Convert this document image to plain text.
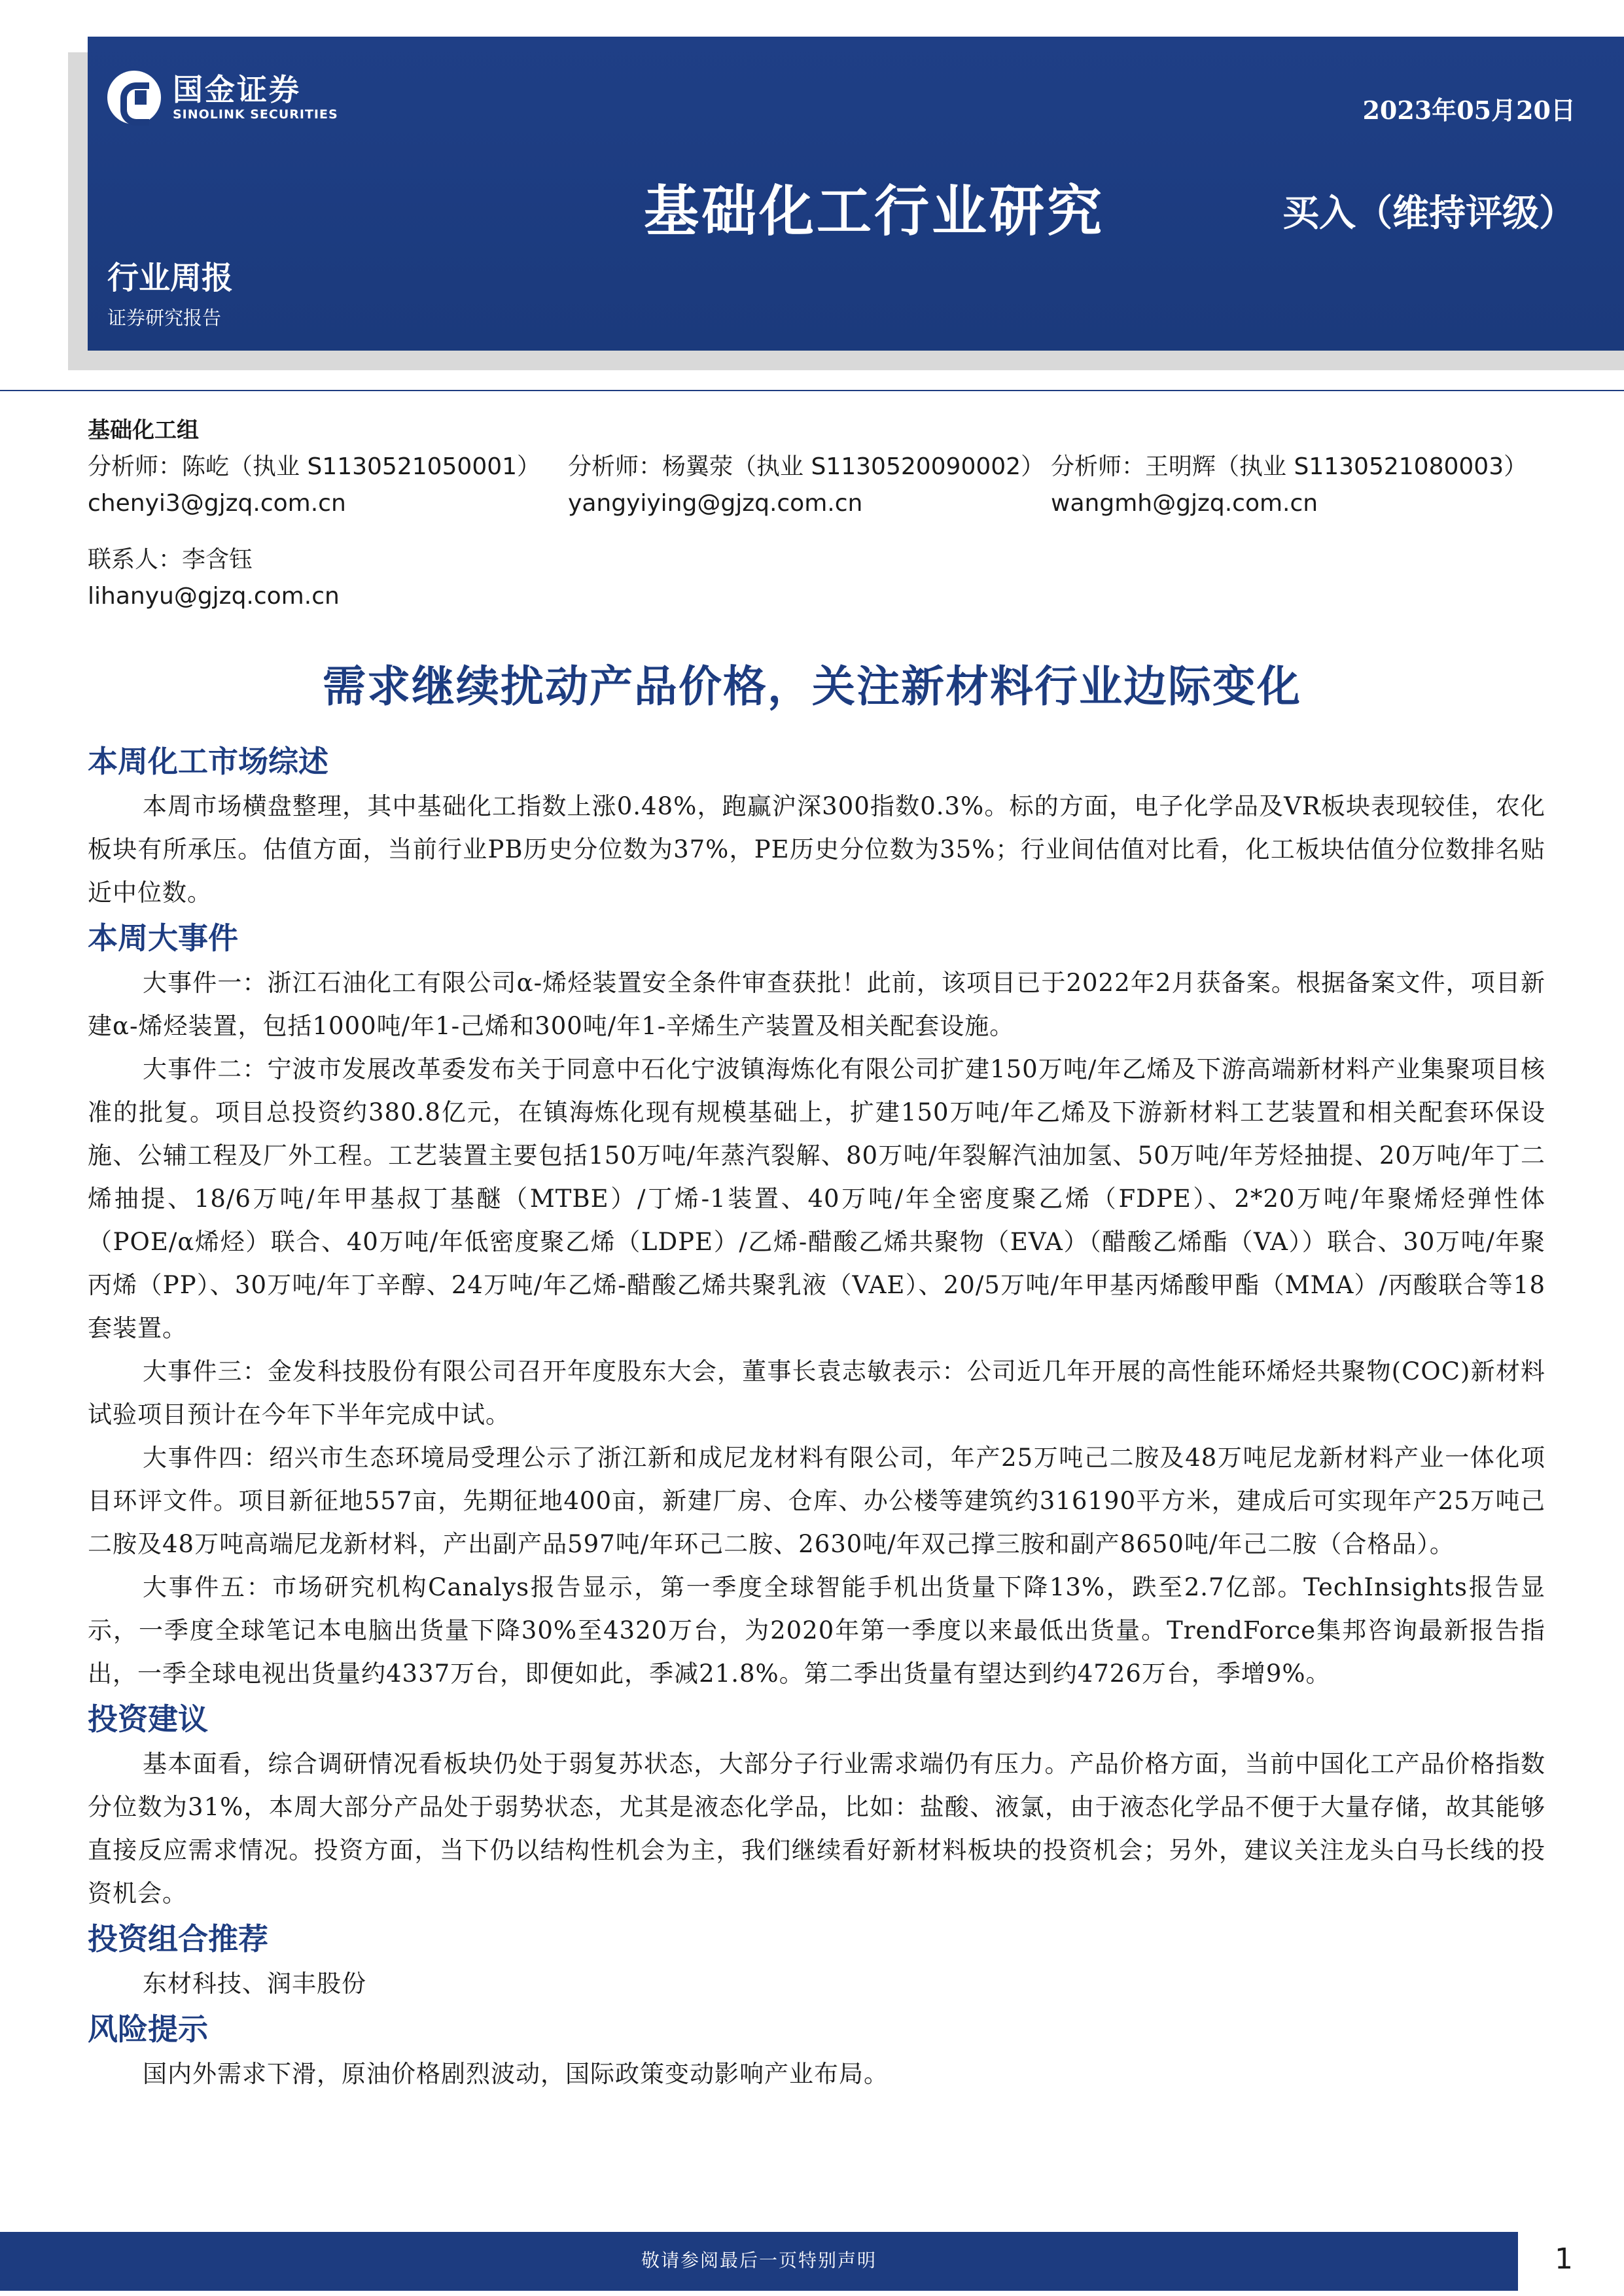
国金证券
SINOLINK SECURITIES	2023年05月20日
基础化工行业研究	买入（维持评级）
行业周报
证券研究报告
基础化工组
分析师：陈屹（执业 S1130521050001）	分析师：杨翼荥（执业 S1130520090002） 分析师：王明辉（执业 S1130521080003）
chenyi3@gjzq.com.cn	yangyiying@gjzq.com.cn	wangmh@gjzq.com.cn
联系人：李含钰
lihanyu@gjzq.com.cn
需求继续扰动产品价格，关注新材料行业边际变化
本周化工市场综述

本周市场横盘整理，其中基础化工指数上涨0.48%，跑赢沪深300指数0.3%。标的方面，电子化学品及VR板块表现较佳，农化板块有所承压。估值方面，当前行业PB历史分位数为37%，PE历史分位数为35%；行业间估值对比看，化工板块估值分位数排名贴近中位数。

本周大事件

大事件一：浙江石油化工有限公司α-烯烃装置安全条件审查获批！此前，该项目已于2022年2月获备案。根据备案文件，项目新建α-烯烃装置，包括1000吨/年1-己烯和300吨/年1-辛烯生产装置及相关配套设施。

大事件二：宁波市发展改革委发布关于同意中石化宁波镇海炼化有限公司扩建150万吨/年乙烯及下游高端新材料产业集聚项目核准的批复。项目总投资约380.8亿元，在镇海炼化现有规模基础上，扩建150万吨/年乙烯及下游新材料工艺装置和相关配套环保设施、公辅工程及厂外工程。工艺装置主要包括150万吨/年蒸汽裂解、80万吨/年裂解汽油加氢、50万吨/年芳烃抽提、20万吨/年丁二烯抽提、18/6万吨/年甲基叔丁基醚（MTBE）/丁烯-1装置、40万吨/年全密度聚乙烯（FDPE）、2*20万吨/年聚烯烃弹性体（POE/α烯烃）联合、40万吨/年低密度聚乙烯（LDPE）/乙烯-醋酸乙烯共聚物（EVA）（醋酸乙烯酯（VA））联合、30万吨/年聚丙烯（PP）、30万吨/年丁辛醇、24万吨/年乙烯-醋酸乙烯共聚乳液（VAE）、20/5万吨/年甲基丙烯酸甲酯（MMA）/丙酸联合等18套装置。

大事件三：金发科技股份有限公司召开年度股东大会，董事长袁志敏表示：公司近几年开展的高性能环烯烃共聚物(COC)新材料试验项目预计在今年下半年完成中试。

大事件四：绍兴市生态环境局受理公示了浙江新和成尼龙材料有限公司，年产25万吨己二胺及48万吨尼龙新材料产业一体化项目环评文件。项目新征地557亩，先期征地400亩，新建厂房、仓库、办公楼等建筑约316190平方米，建成后可实现年产25万吨己二胺及48万吨高端尼龙新材料，产出副产品597吨/年环己二胺、2630吨/年双己撑三胺和副产8650吨/年己二胺（合格品）。

大事件五：市场研究机构Canalys报告显示，第一季度全球智能手机出货量下降13%，跌至2.7亿部。TechInsights报告显示，一季度全球笔记本电脑出货量下降30%至4320万台，为2020年第一季度以来最低出货量。TrendForce集邦咨询最新报告指出，一季全球电视出货量约4337万台，即便如此，季减21.8%。第二季出货量有望达到约4726万台，季增9%。

投资建议

基本面看，综合调研情况看板块仍处于弱复苏状态，大部分子行业需求端仍有压力。产品价格方面，当前中国化工产品价格指数分位数为31%，本周大部分产品处于弱势状态，尤其是液态化学品，比如：盐酸、液氯，由于液态化学品不便于大量存储，故其能够直接反应需求情况。投资方面，当下仍以结构性机会为主，我们继续看好新材料板块的投资机会；另外，建议关注龙头白马长线的投资机会。

投资组合推荐

东材科技、润丰股份

风险提示

国内外需求下滑，原油价格剧烈波动，国际政策变动影响产业布局。

敬请参阅最后一页特别声明	1
